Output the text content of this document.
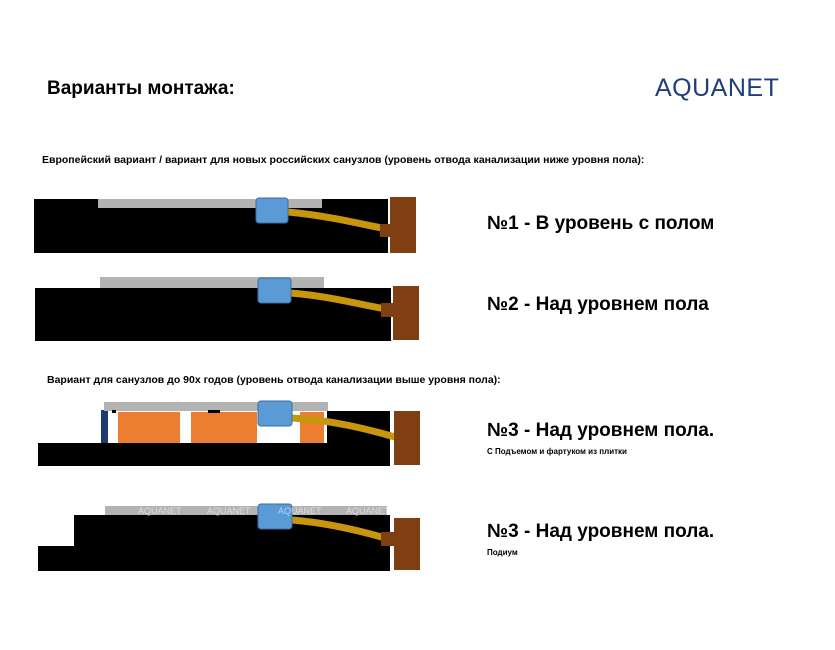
Варианты монтажа:	AQUANET
Европейский вариант / вариант для новых российских санузлов (уровень отвода канализации ниже уровня пола):
Вариант для санузлов до 90х годов (уровень отвода канализации выше уровня пола):
AQUANET	AQUANET	AQUANET	AQUANET
№1 - В уровень с полом
№2 - Над уровнем пола
№3 - Над уровнем пола.
С Подъемом и фартуком из плитки
№3 - Над уровнем пола.
Подиум
